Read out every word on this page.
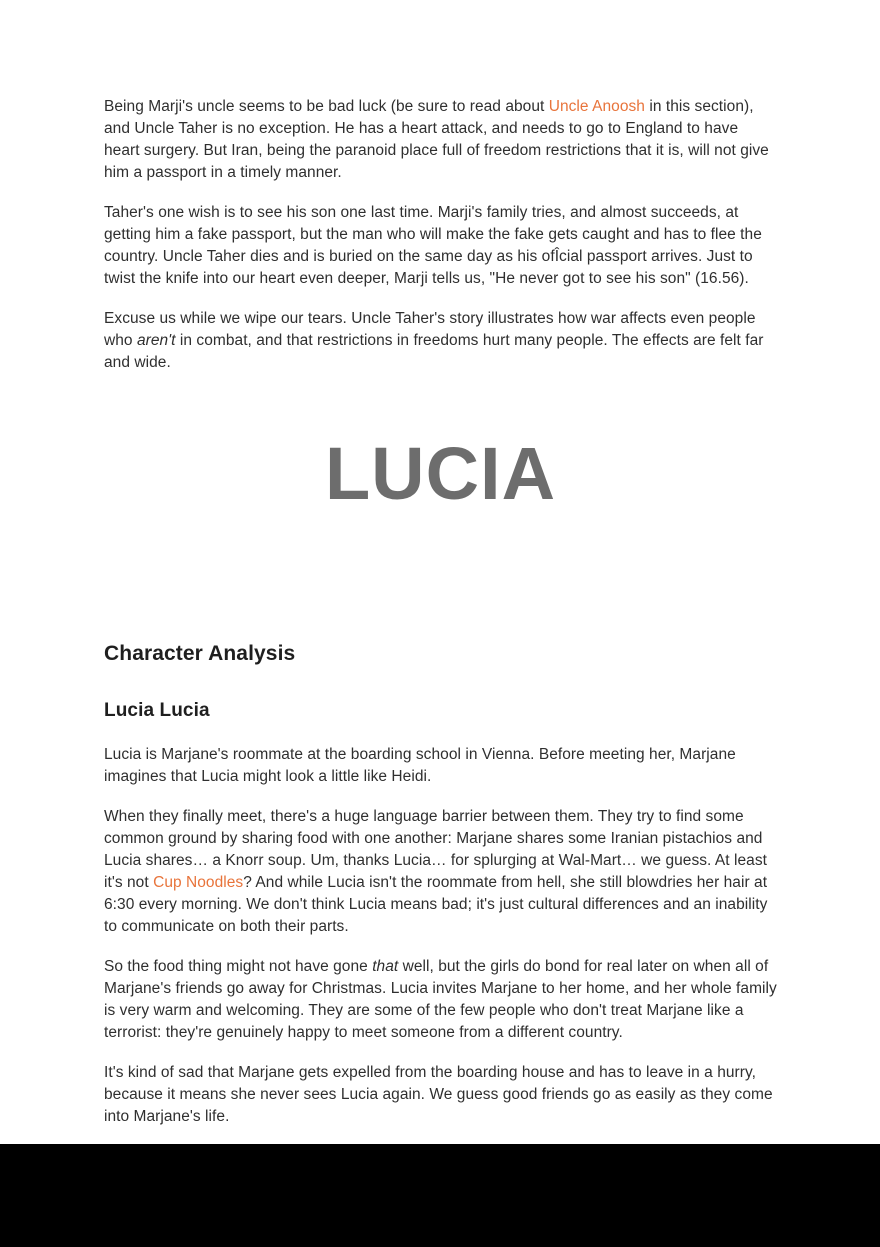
Being Marji's uncle seems to be bad luck (be sure to read about Uncle Anoosh in this section), and Uncle Taher is no exception. He has a heart attack, and needs to go to England to have heart surgery. But Iran, being the paranoid place full of freedom restrictions that it is, will not give him a passport in a timely manner.

Taher's one wish is to see his son one last time. Marji's family tries, and almost succeeds, at getting him a fake passport, but the man who will make the fake gets caught and has to flee the country. Uncle Taher dies and is buried on the same day as his ofÎcial passport arrives. Just to twist the knife into our heart even deeper, Marji tells us, "He never got to see his son" (16.56).

Excuse us while we wipe our tears. Uncle Taher's story illustrates how war affects even people who aren't in combat, and that restrictions in freedoms hurt many people. The effects are felt far and wide.

LUCIA
Character Analysis
Lucia Lucia

Lucia is Marjane's roommate at the boarding school in Vienna. Before meeting her, Marjane imagines that Lucia might look a little like Heidi.

When they finally meet, there's a huge language barrier between them. They try to find some common ground by sharing food with one another: Marjane shares some Iranian pistachios and Lucia shares… a Knorr soup. Um, thanks Lucia… for splurging at Wal-Mart… we guess. At least it's not Cup Noodles? And while Lucia isn't the roommate from hell, she still blowdries her hair at 6:30 every morning. We don't think Lucia means bad; it's just cultural differences and an inability to communicate on both their parts.

So the food thing might not have gone that well, but the girls do bond for real later on when all of Marjane's friends go away for Christmas. Lucia invites Marjane to her home, and her whole family is very warm and welcoming. They are some of the few people who don't treat Marjane like a terrorist: they're genuinely happy to meet someone from a different country.

It's kind of sad that Marjane gets expelled from the boarding house and has to leave in a hurry, because it means she never sees Lucia again. We guess good friends go as easily as they come into Marjane's life.
